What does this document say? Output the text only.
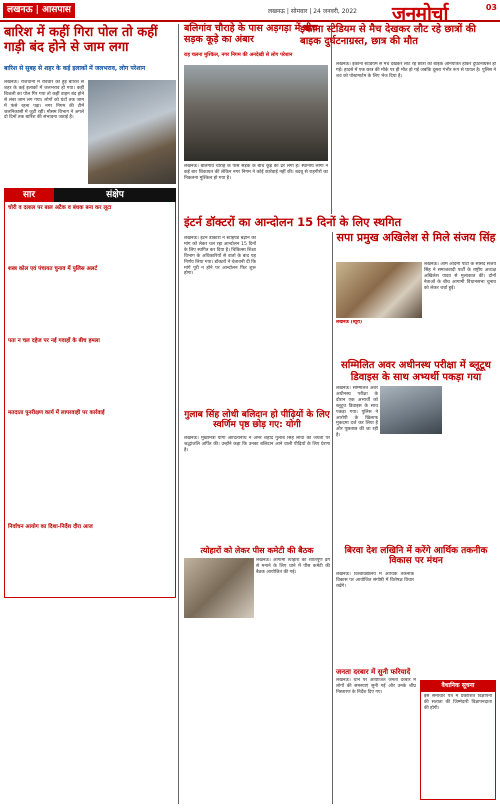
लखनऊ | आसपास	लखनऊ | सोमवार | 24 जनवरी, 2022 जनमोर्चा	03
बारिश में कहीं गिरा पोल तो कहीं गाड़ी बंद होने से जाम लगा
बारिश से सुबह से शहर के कई इलाकों में जलभराव, लोग परेशान
लखनऊ। राजधानी में रविवार को हुई बारिश से शहर के कई इलाकों में जलभराव हो गया। कहीं बिजली का पोल गिर गया तो कहीं वाहन बंद होने से लंबा जाम लग गया। लोगों को घंटों तक जाम में फंसे रहना पड़ा। नगर निगम की टीमें जलनिकासी में जुटी रहीं। मौसम विभाग ने अगले दो दिनों तक बारिश की संभावना जताई है।
बलिगांव चौराहे के पास अड़गड़ा में बीच सड़क कूड़े का अंबार
राह चलना मुश्किल, नगर निगम की अनदेखी से लोग परेशान
लखनऊ। बलिगांव चौराहे के पास सड़क के बीच कूड़े का ढेर लगा है। स्थानीय लोगों ने कई बार शिकायत की लेकिन नगर निगम ने कोई कार्रवाई नहीं की। बदबू से राहगीरों का निकलना मुश्किल हो गया है।
इकाना स्टेडियम से मैच देखकर लौट रहे छात्रों की बाइक दुर्घटनाग्रस्त, छात्र की मौत
लखनऊ। इकाना स्टेडियम से मैच देखकर लौट रहे छात्रों की बाइक अनियंत्रित होकर दुर्घटनाग्रस्त हो गई। हादसे में एक छात्र की मौके पर ही मौत हो गई जबकि दूसरा गंभीर रूप से घायल है। पुलिस ने शव को पोस्टमार्टम के लिए भेज दिया है।
सार	संक्षेप
चोरी व दलाल पर बाल अटैक व बंधक बना कर लूटा
शस्त्र कोल एवं पंचायत चुनाव में पुलिस अलर्ट
पता न चल दहेज पर नई गवाहों के बीच हमला
मतदाता पुनरीक्षण कार्य में लापरवाही पर कार्रवाई
निर्वाचन आयोग का दिशा-निर्देश दौरा आज
इंटर्न डॉक्टरों का आन्दोलन 15 दिनों के लिए स्थगित
लखनऊ। इंटर्न डॉक्टरों ने स्टाइपेंड बढ़ाने की मांग को लेकर चल रहा आन्दोलन 15 दिनों के लिए स्थगित कर दिया है। चिकित्सा शिक्षा विभाग के अधिकारियों से वार्ता के बाद यह निर्णय लिया गया। डॉक्टरों ने चेतावनी दी कि मांगें पूरी न होने पर आन्दोलन फिर शुरू होगा।
सपा प्रमुख अखिलेश से मिले संजय सिंह
लखनऊ। आम आदमी पार्टी के सांसद संजय सिंह ने समाजवादी पार्टी के राष्ट्रीय अध्यक्ष अखिलेश यादव से मुलाकात की। दोनों नेताओं के बीच आगामी विधानसभा चुनाव को लेकर चर्चा हुई।
लखनऊ (ब्यूरो)
गुलाब सिंह लोधी बलिदान हो पीढ़ियों के लिए स्वर्णिम पृष्ठ छोड़ गए: योगी
लखनऊ। मुख्यमंत्री योगी आदित्यनाथ ने अमर शहीद गुलाब सिंह लोधी की जयंती पर श्रद्धांजलि अर्पित की। उन्होंने कहा कि उनका बलिदान आने वाली पीढ़ियों के लिए प्रेरणा है।
सम्मिलित अवर अधीनस्थ परीक्षा में ब्लूटूथ डिवाइस के साथ अभ्यर्थी पकड़ा गया
लखनऊ। सम्मिलित अवर अधीनस्थ परीक्षा के दौरान एक अभ्यर्थी को ब्लूटूथ डिवाइस के साथ पकड़ा गया। पुलिस ने आरोपी के खिलाफ मुकदमा दर्ज कर लिया है और पूछताछ की जा रही है।
त्योहारों को लेकर पीस कमेटी की बैठक
लखनऊ। आगामी त्योहारों को शांतिपूर्ण ढंग से मनाने के लिए थाने में पीस कमेटी की बैठक आयोजित की गई।
बिरवा देश लखिनि में करेंगे आर्थिक तकनीक विकास पर मंथन
लखनऊ। विश्वविद्यालय में आर्थिक तकनीक विकास पर आयोजित संगोष्ठी में विशेषज्ञ विचार रखेंगे।
जनता दरबार में सुनी फरियादें
लखनऊ। थाने पर आयोजित जनता दरबार में लोगों की समस्याएं सुनी गईं और उनके शीघ्र निस्तारण के निर्देश दिए गए।
वैधानिक सूचना
इस समाचार पत्र में प्रकाशित विज्ञापनों की सत्यता की जिम्मेदारी विज्ञापनदाता की होगी।
